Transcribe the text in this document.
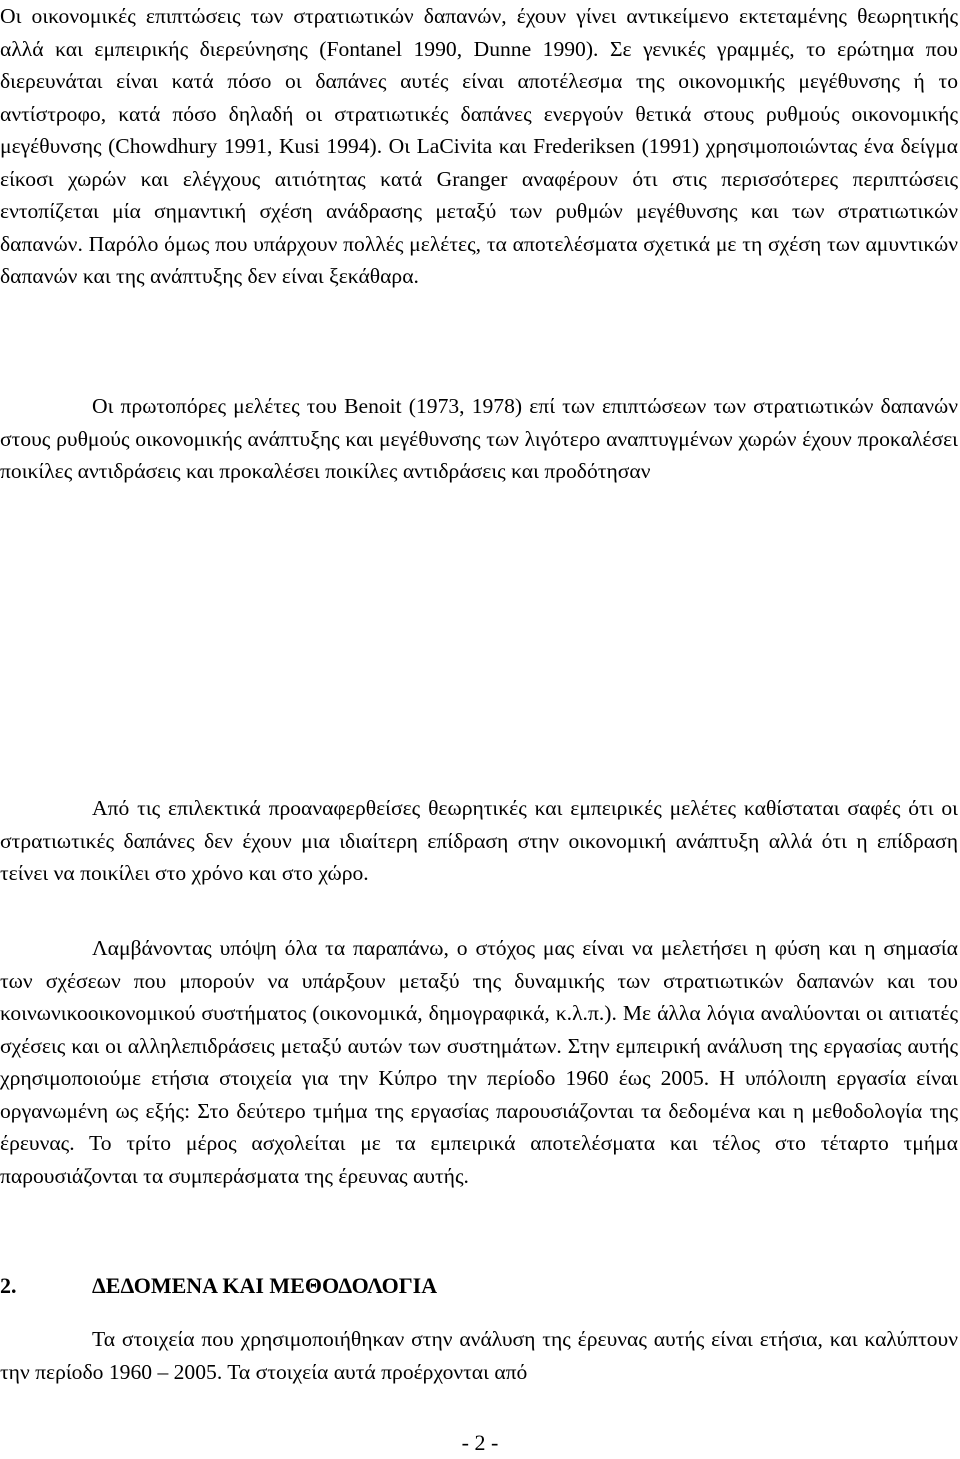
Οι οικονομικές επιπτώσεις των στρατιωτικών δαπανών, έχουν γίνει αντικείμενο εκτεταμένης θεωρητικής αλλά και εμπειρικής διερεύνησης (Fontanel 1990, Dunne 1990). Σε γενικές γραμμές, το ερώτημα που διερευνάται είναι κατά πόσο οι δαπάνες αυτές είναι αποτέλεσμα της οικονομικής μεγέθυνσης ή το αντίστροφο, κατά πόσο δηλαδή οι στρατιωτικές δαπάνες ενεργούν θετικά στους ρυθμούς οικονομικής μεγέθυνσης (Chowdhury 1991, Kusi 1994). Οι LaCivita και Frederiksen (1991) χρησιμοποιώντας ένα δείγμα είκοσι χωρών και ελέγχους αιτιότητας κατά Granger αναφέρουν ότι στις περισσότερες περιπτώσεις εντοπίζεται μία σημαντική σχέση ανάδρασης μεταξύ των ρυθμών μεγέθυνσης και των στρατιωτικών δαπανών. Παρόλο όμως που υπάρχουν πολλές μελέτες, τα αποτελέσματα σχετικά με τη σχέση των αμυντικών δαπανών και της ανάπτυξης δεν είναι ξεκάθαρα.

Οι πρωτοπόρες μελέτες του Benoit (1973, 1978) επί των επιπτώσεων των στρατιωτικών δαπανών στους ρυθμούς οικονομικής ανάπτυξης και μεγέθυνσης των λιγότερο αναπτυγμένων χωρών έχουν προκαλέσει ποικίλες αντιδράσεις και προκαλέσει ποικίλες αντιδράσεις και προδότησαν

Από τις επιλεκτικά προαναφερθείσες θεωρητικές και εμπειρικές μελέτες καθίσταται σαφές ότι οι στρατιωτικές δαπάνες δεν έχουν μια ιδιαίτερη επίδραση στην οικονομική ανάπτυξη αλλά ότι η επίδραση τείνει να ποικίλει στο χρόνο και στο χώρο.

Λαμβάνοντας υπόψη όλα τα παραπάνω, ο στόχος μας είναι να μελετήσει η φύση και η σημασία των σχέσεων που μπορούν να υπάρξουν μεταξύ της δυναμικής των στρατιωτικών δαπανών και του κοινωνικοοικονομικού συστήματος (οικονομικά, δημογραφικά, κ.λ.π.). Με άλλα λόγια αναλύονται οι αιτιατές σχέσεις και οι αλληλεπιδράσεις μεταξύ αυτών των συστημάτων. Στην εμπειρική ανάλυση της εργασίας αυτής χρησιμοποιούμε ετήσια στοιχεία για την Κύπρο την περίοδο 1960 έως 2005. Η υπόλοιπη εργασία είναι οργανωμένη ως εξής: Στο δεύτερο τμήμα της εργασίας παρουσιάζονται τα δεδομένα και η μεθοδολογία της έρευνας. Το τρίτο μέρος ασχολείται με τα εμπειρικά αποτελέσματα και τέλος στο τέταρτο τμήμα παρουσιάζονται τα συμπεράσματα της έρευνας αυτής.

2.	ΔΕΔΟΜΕΝΑ ΚΑΙ ΜΕΘΟΔΟΛΟΓΙΑ

Τα στοιχεία που χρησιμοποιήθηκαν στην ανάλυση της έρευνας αυτής είναι ετήσια, και καλύπτουν την περίοδο 1960 – 2005. Τα στοιχεία αυτά προέρχονται από

- 2 -
